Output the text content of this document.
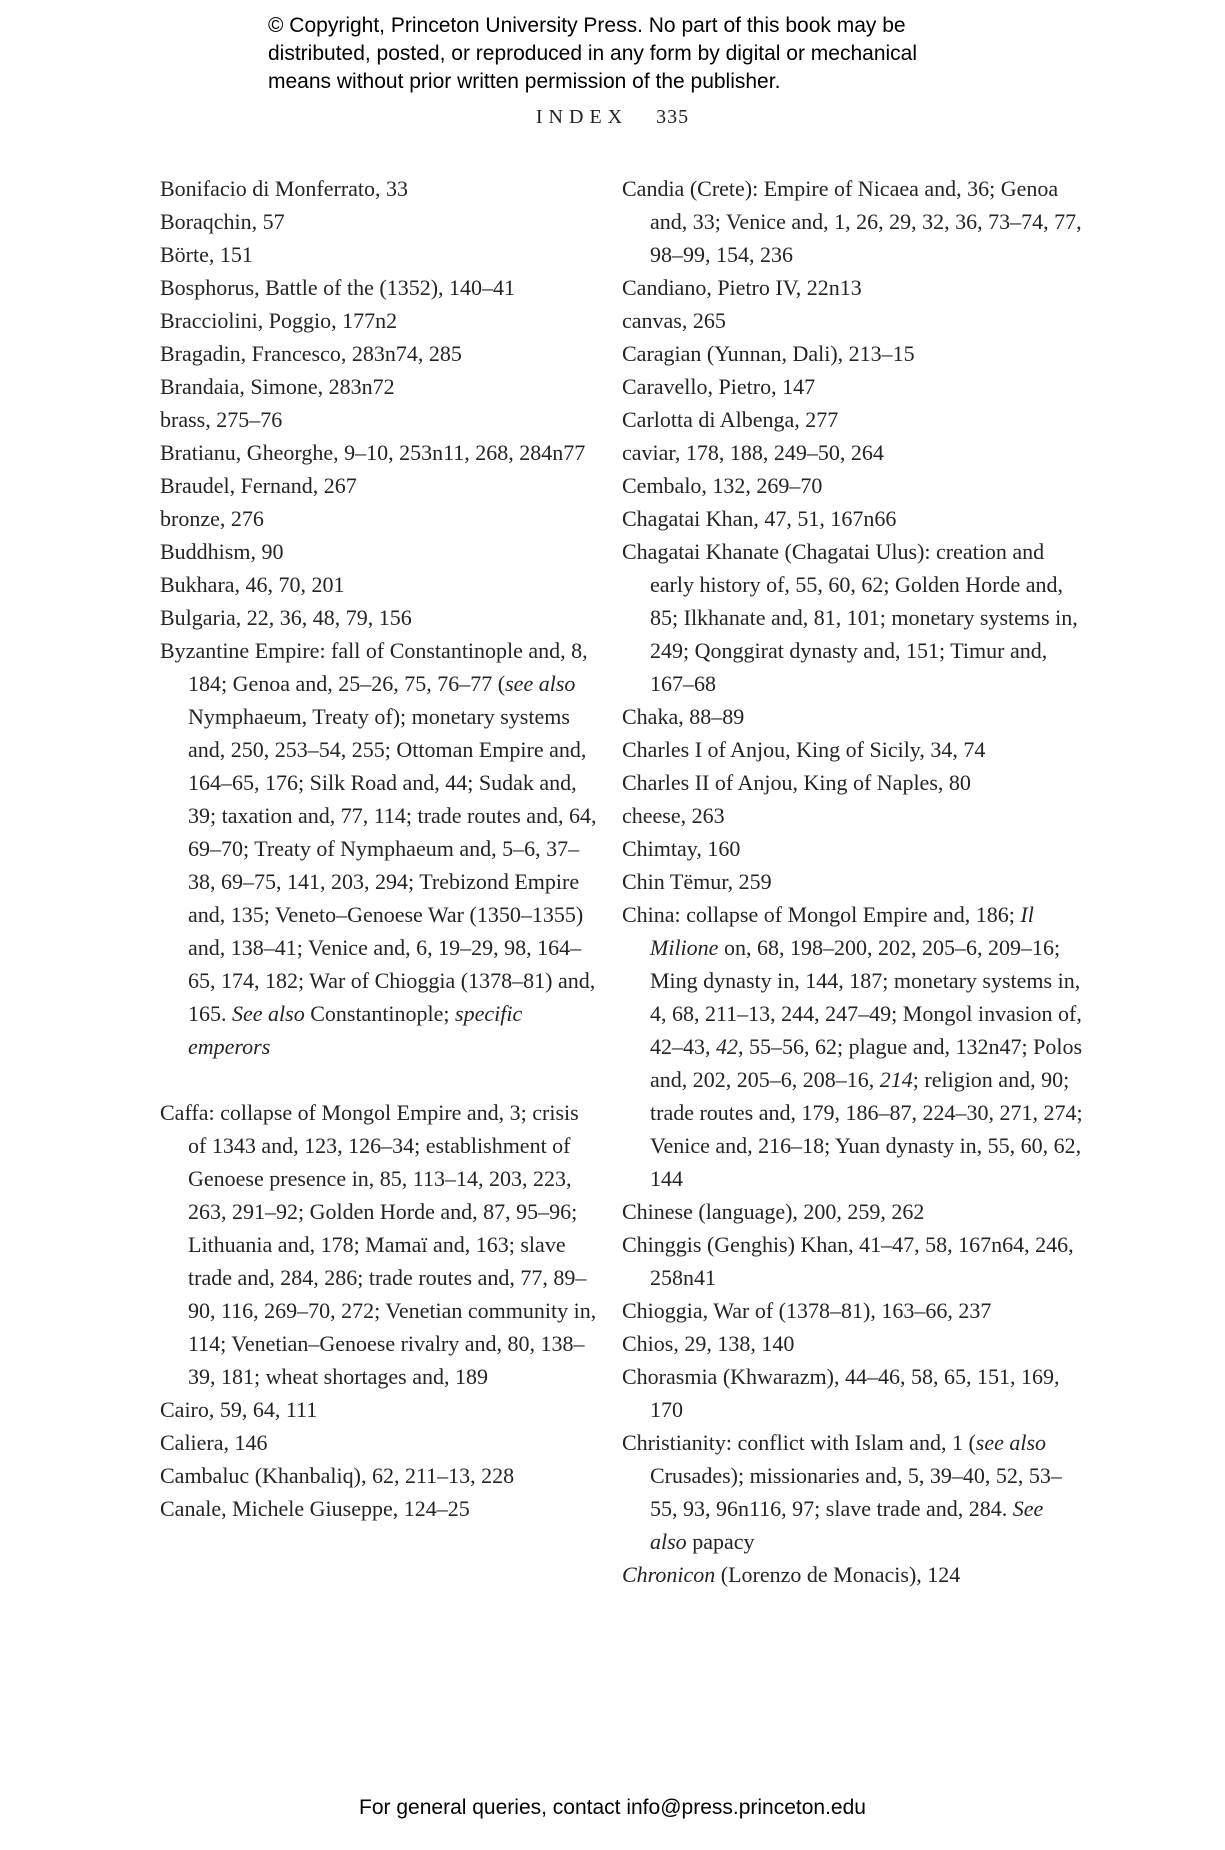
© Copyright, Princeton University Press. No part of this book may be
distributed, posted, or reproduced in any form by digital or mechanical
means without prior written permission of the publisher.
INDEX 335
Bonifacio di Monferrato, 33
Boraqchin, 57
Börte, 151
Bosphorus, Battle of the (1352), 140–41
Bracciolini, Poggio, 177n2
Bragadin, Francesco, 283n74, 285
Brandaia, Simone, 283n72
brass, 275–76
Bratianu, Gheorghe, 9–10, 253n11, 268, 284n77
Braudel, Fernand, 267
bronze, 276
Buddhism, 90
Bukhara, 46, 70, 201
Bulgaria, 22, 36, 48, 79, 156
Byzantine Empire: fall of Constantinople and, 8, 184; Genoa and, 25–26, 75, 76–77 (see also Nymphaeum, Treaty of); monetary systems and, 250, 253–54, 255; Ottoman Empire and, 164–65, 176; Silk Road and, 44; Sudak and, 39; taxation and, 77, 114; trade routes and, 64, 69–70; Treaty of Nymphaeum and, 5–6, 37–38, 69–75, 141, 203, 294; Trebizond Empire and, 135; Veneto–Genoese War (1350–1355) and, 138–41; Venice and, 6, 19–29, 98, 164–65, 174, 182; War of Chioggia (1378–81) and, 165. See also Constantinople; specific emperors
Caffa: collapse of Mongol Empire and, 3; crisis of 1343 and, 123, 126–34; establishment of Genoese presence in, 85, 113–14, 203, 223, 263, 291–92; Golden Horde and, 87, 95–96; Lithuania and, 178; Mamaï and, 163; slave trade and, 284, 286; trade routes and, 77, 89–90, 116, 269–70, 272; Venetian community in, 114; Venetian–Genoese rivalry and, 80, 138–39, 181; wheat shortages and, 189
Cairo, 59, 64, 111
Caliera, 146
Cambaluc (Khanbaliq), 62, 211–13, 228
Canale, Michele Giuseppe, 124–25
Candia (Crete): Empire of Nicaea and, 36; Genoa and, 33; Venice and, 1, 26, 29, 32, 36, 73–74, 77, 98–99, 154, 236
Candiano, Pietro IV, 22n13
canvas, 265
Caragian (Yunnan, Dali), 213–15
Caravello, Pietro, 147
Carlotta di Albenga, 277
caviar, 178, 188, 249–50, 264
Cembalo, 132, 269–70
Chagatai Khan, 47, 51, 167n66
Chagatai Khanate (Chagatai Ulus): creation and early history of, 55, 60, 62; Golden Horde and, 85; Ilkhanate and, 81, 101; monetary systems in, 249; Qonggirat dynasty and, 151; Timur and, 167–68
Chaka, 88–89
Charles I of Anjou, King of Sicily, 34, 74
Charles II of Anjou, King of Naples, 80
cheese, 263
Chimtay, 160
Chin Tëmur, 259
China: collapse of Mongol Empire and, 186; Il Milione on, 68, 198–200, 202, 205–6, 209–16; Ming dynasty in, 144, 187; monetary systems in, 4, 68, 211–13, 244, 247–49; Mongol invasion of, 42–43, 42, 55–56, 62; plague and, 132n47; Polos and, 202, 205–6, 208–16, 214; religion and, 90; trade routes and, 179, 186–87, 224–30, 271, 274; Venice and, 216–18; Yuan dynasty in, 55, 60, 62, 144
Chinese (language), 200, 259, 262
Chinggis (Genghis) Khan, 41–47, 58, 167n64, 246, 258n41
Chioggia, War of (1378–81), 163–66, 237
Chios, 29, 138, 140
Chorasmia (Khwarazm), 44–46, 58, 65, 151, 169, 170
Christianity: conflict with Islam and, 1 (see also Crusades); missionaries and, 5, 39–40, 52, 53–55, 93, 96n116, 97; slave trade and, 284. See also papacy
Chronicon (Lorenzo de Monacis), 124
For general queries, contact info@press.princeton.edu
